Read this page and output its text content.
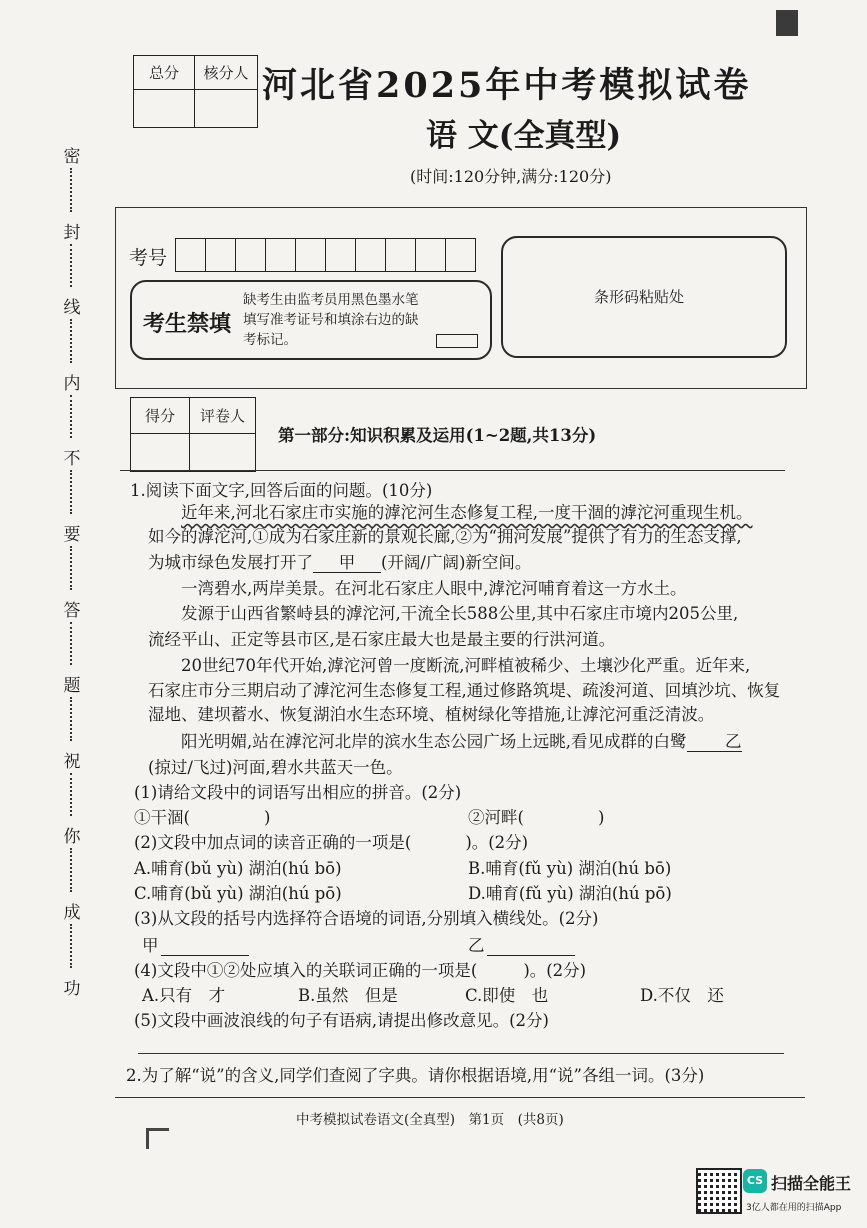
密
封
线
内
不
要
答
题
祝
你
成
功
总分	核分人
	河北省2025年中考模拟试卷
语 文(全真型)
(时间:120分钟,满分:120分)
考号

考生禁填
缺考生由监考员用黑色墨水笔
填写准考证号和填涂右边的缺
考标记。
条形码粘贴处
得分	评卷人

第一部分:知识积累及运用(1~2题,共13分)
1.阅读下面文字,回答后面的问题。(10分)
近年来,河北石家庄市实施的滹沱河生态修复工程,一度干涸的滹沱河重现生机。
如今的滹沱河,①成为石家庄新的景观长廊,②为“拥河发展”提供了有力的生态支撑,
为城市绿色发展打开了 甲 (开阔/广阔)新空间。
一湾碧水,两岸美景。在河北石家庄人眼中,滹沱河哺育着这一方水土。
发源于山西省繁峙县的滹沱河,干流全长588公里,其中石家庄市境内205公里,
流经平山、正定等县市区,是石家庄最大也是最主要的行洪河道。
20世纪70年代开始,滹沱河曾一度断流,河畔植被稀少、土壤沙化严重。近年来,
石家庄市分三期启动了滹沱河生态修复工程,通过修路筑堤、疏浚河道、回填沙坑、恢复
湿地、建坝蓄水、恢复湖泊水生态环境、植树绿化等措施,让滹沱河重泛清波。
阳光明媚,站在滹沱河北岸的滨水生态公园广场上远眺,看见成群的白鹭 乙
(掠过/飞过)河面,碧水共蓝天一色。
(1)请给文段中的词语写出相应的拼音。(2分)
①干涸(	)	②河畔(	)
(2)文段中加点词的读音正确的一项是(	)。(2分)
A.哺育(bǔ yù) 湖泊(hú bō)	B.哺育(fǔ yù) 湖泊(hú bō)
C.哺育(bǔ yù) 湖泊(hú pō)	D.哺育(fǔ yù) 湖泊(hú pō)
(3)从文段的括号内选择符合语境的词语,分别填入横线处。(2分)
甲	乙
(4)文段中①②处应填入的关联词正确的一项是(	)。(2分)
A.只有　才	B.虽然　但是	C.即使　也	D.不仅　还
(5)文段中画波浪线的句子有语病,请提出修改意见。(2分)
2.为了解“说”的含义,同学们查阅了字典。请你根据语境,用“说”各组一词。(3分)
中考模拟试卷语文(全真型)　第1页　(共8页)
CS 扫描全能王
3亿人都在用的扫描App
